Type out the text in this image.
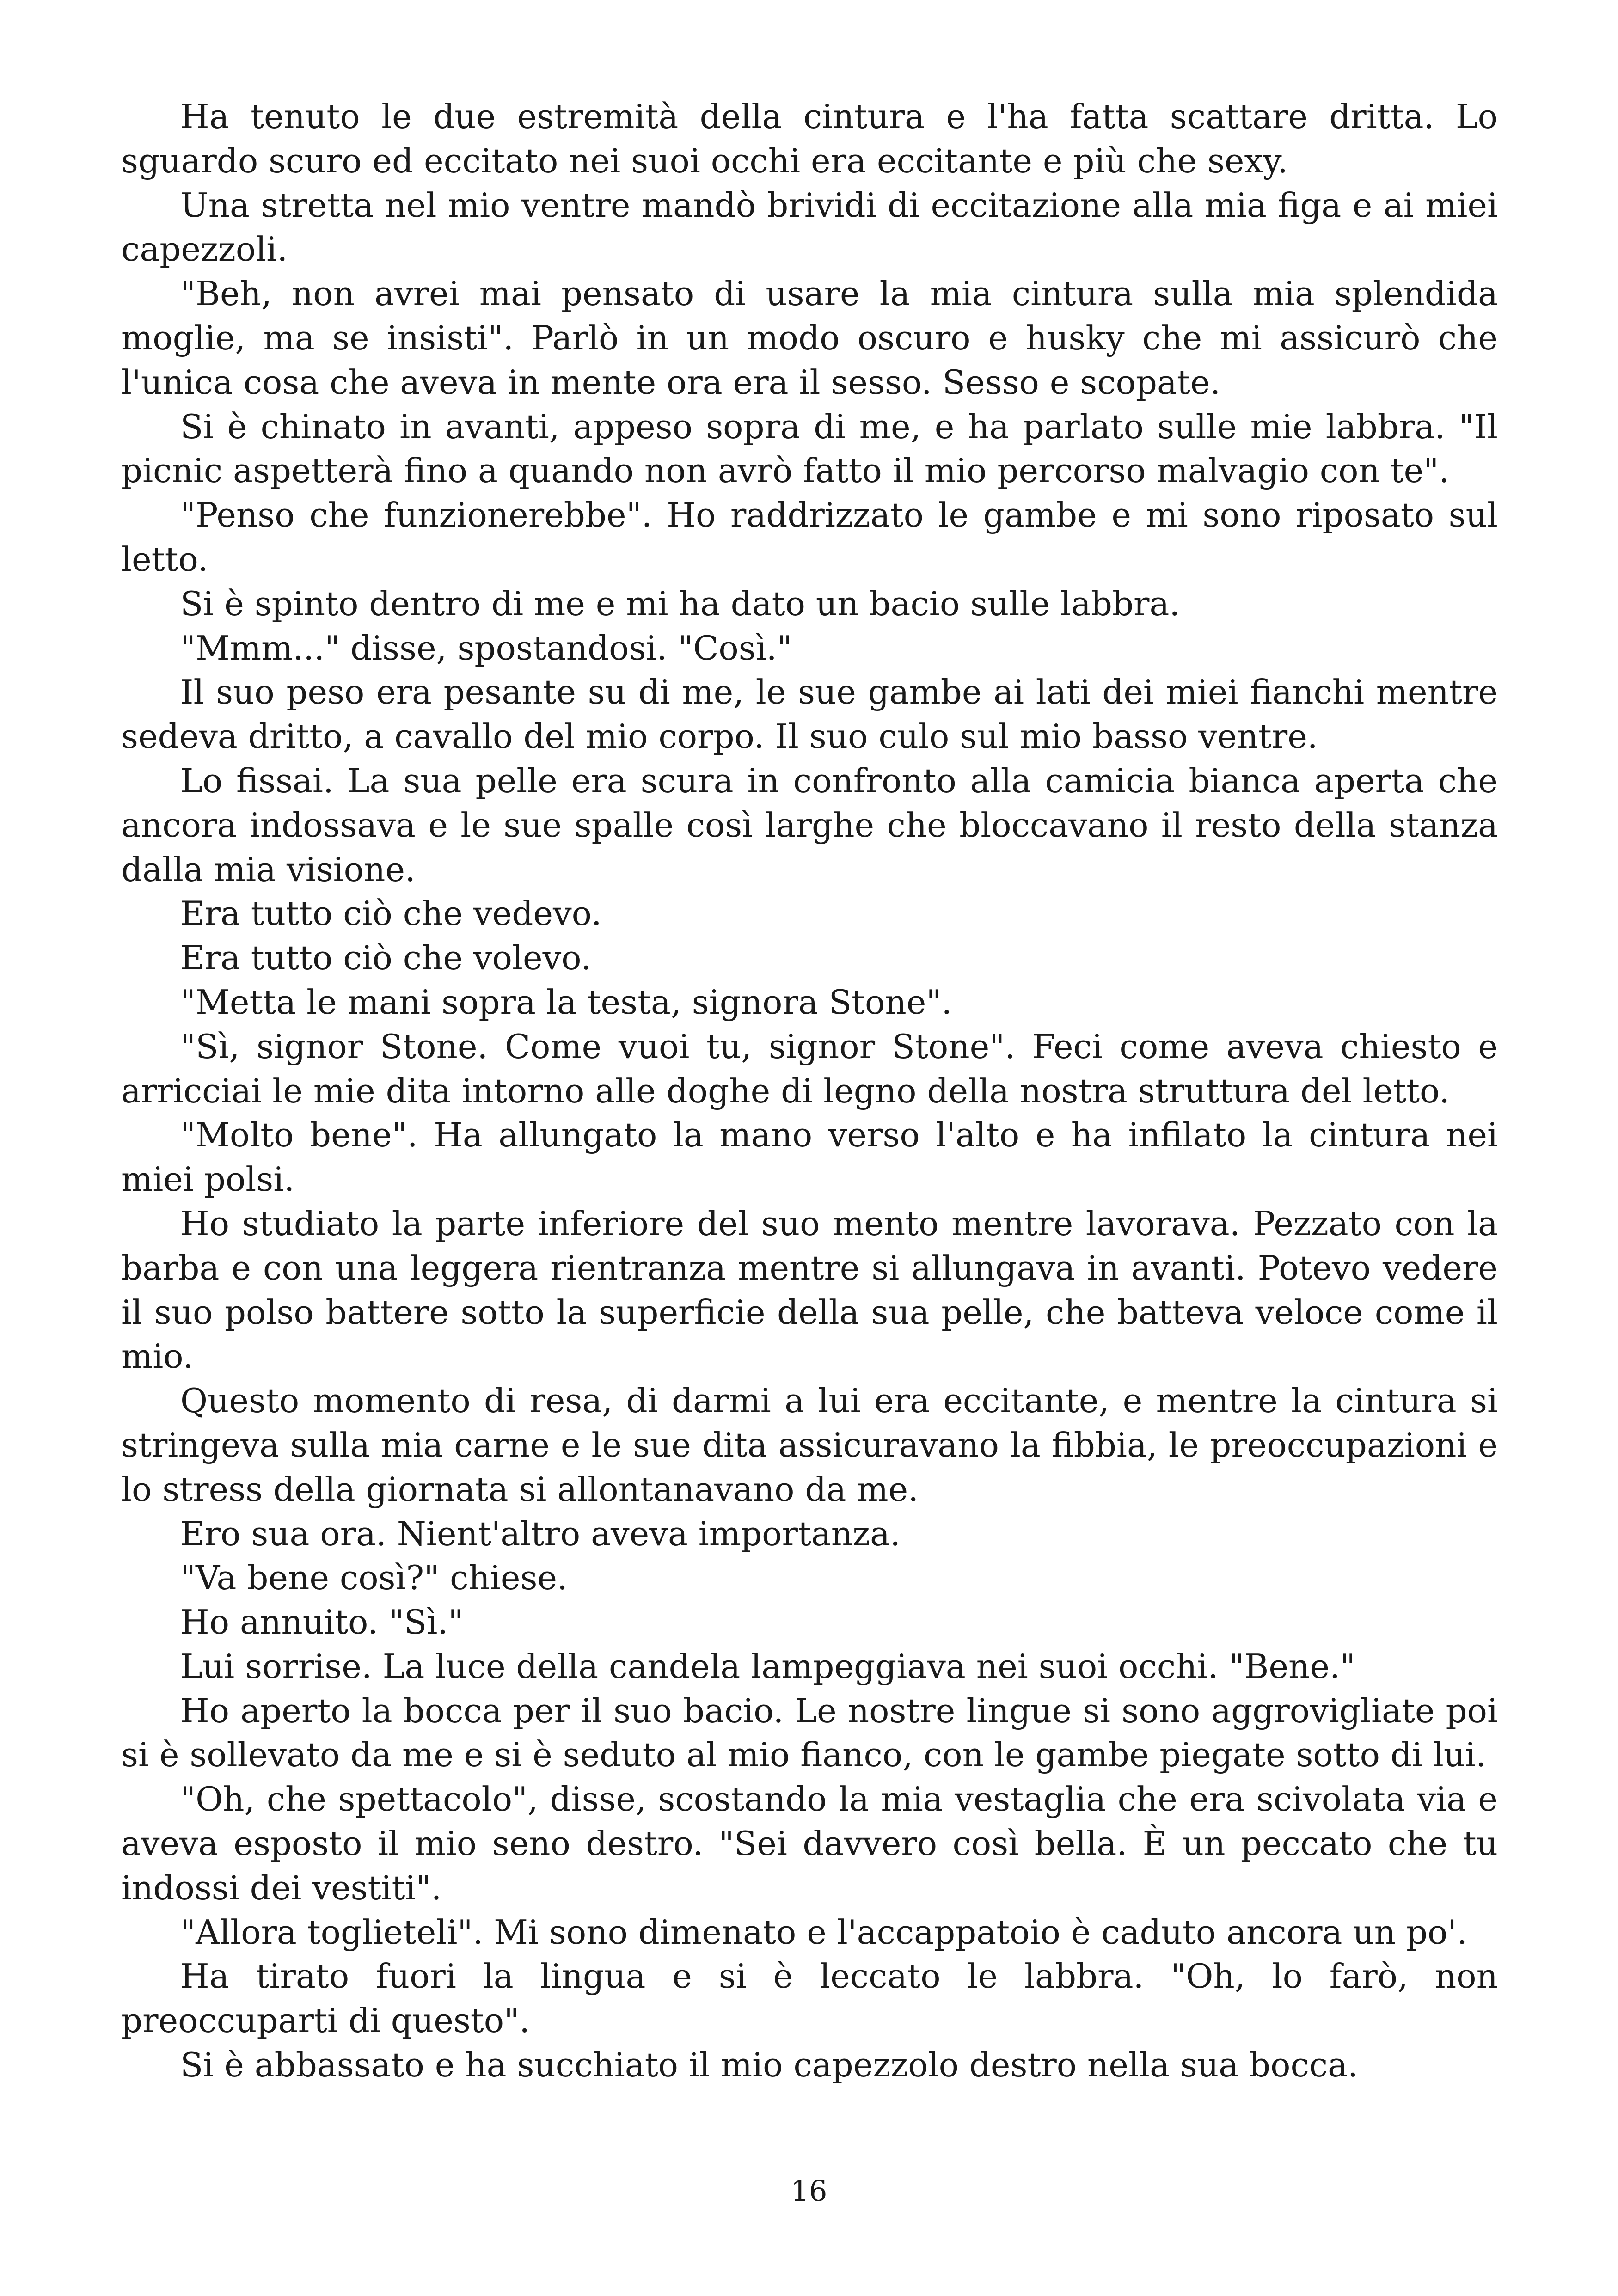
Ha tenuto le due estremità della cintura e l'ha fatta scattare dritta. Lo sguardo scuro ed eccitato nei suoi occhi era eccitante e più che sexy.

Una stretta nel mio ventre mandò brividi di eccitazione alla mia figa e ai miei capezzoli.

"Beh, non avrei mai pensato di usare la mia cintura sulla mia splendida moglie, ma se insisti". Parlò in un modo oscuro e husky che mi assicurò che l'unica cosa che aveva in mente ora era il sesso. Sesso e scopate.

Si è chinato in avanti, appeso sopra di me, e ha parlato sulle mie labbra. "Il picnic aspetterà fino a quando non avrò fatto il mio percorso malvagio con te".

"Penso che funzionerebbe". Ho raddrizzato le gambe e mi sono riposato sul letto.

Si è spinto dentro di me e mi ha dato un bacio sulle labbra.

"Mmm..." disse, spostandosi. "Così."

Il suo peso era pesante su di me, le sue gambe ai lati dei miei fianchi mentre sedeva dritto, a cavallo del mio corpo. Il suo culo sul mio basso ventre.

Lo fissai. La sua pelle era scura in confronto alla camicia bianca aperta che ancora indossava e le sue spalle così larghe che bloccavano il resto della stanza dalla mia visione.

Era tutto ciò che vedevo.

Era tutto ciò che volevo.

"Metta le mani sopra la testa, signora Stone".

"Sì, signor Stone. Come vuoi tu, signor Stone". Feci come aveva chiesto e arricciai le mie dita intorno alle doghe di legno della nostra struttura del letto.

"Molto bene". Ha allungato la mano verso l'alto e ha infilato la cintura nei miei polsi.

Ho studiato la parte inferiore del suo mento mentre lavorava. Pezzato con la barba e con una leggera rientranza mentre si allungava in avanti. Potevo vedere il suo polso battere sotto la superficie della sua pelle, che batteva veloce come il mio.

Questo momento di resa, di darmi a lui era eccitante, e mentre la cintura si stringeva sulla mia carne e le sue dita assicuravano la fibbia, le preoccupazioni e lo stress della giornata si allontanavano da me.

Ero sua ora. Nient'altro aveva importanza.

"Va bene così?" chiese.

Ho annuito. "Sì."

Lui sorrise. La luce della candela lampeggiava nei suoi occhi. "Bene."

Ho aperto la bocca per il suo bacio. Le nostre lingue si sono aggrovigliate poi si è sollevato da me e si è seduto al mio fianco, con le gambe piegate sotto di lui.

"Oh, che spettacolo", disse, scostando la mia vestaglia che era scivolata via e aveva esposto il mio seno destro. "Sei davvero così bella. È un peccato che tu indossi dei vestiti".

"Allora toglieteli". Mi sono dimenato e l'accappatoio è caduto ancora un po'.

Ha tirato fuori la lingua e si è leccato le labbra. "Oh, lo farò, non preoccuparti di questo".

Si è abbassato e ha succhiato il mio capezzolo destro nella sua bocca.

16
